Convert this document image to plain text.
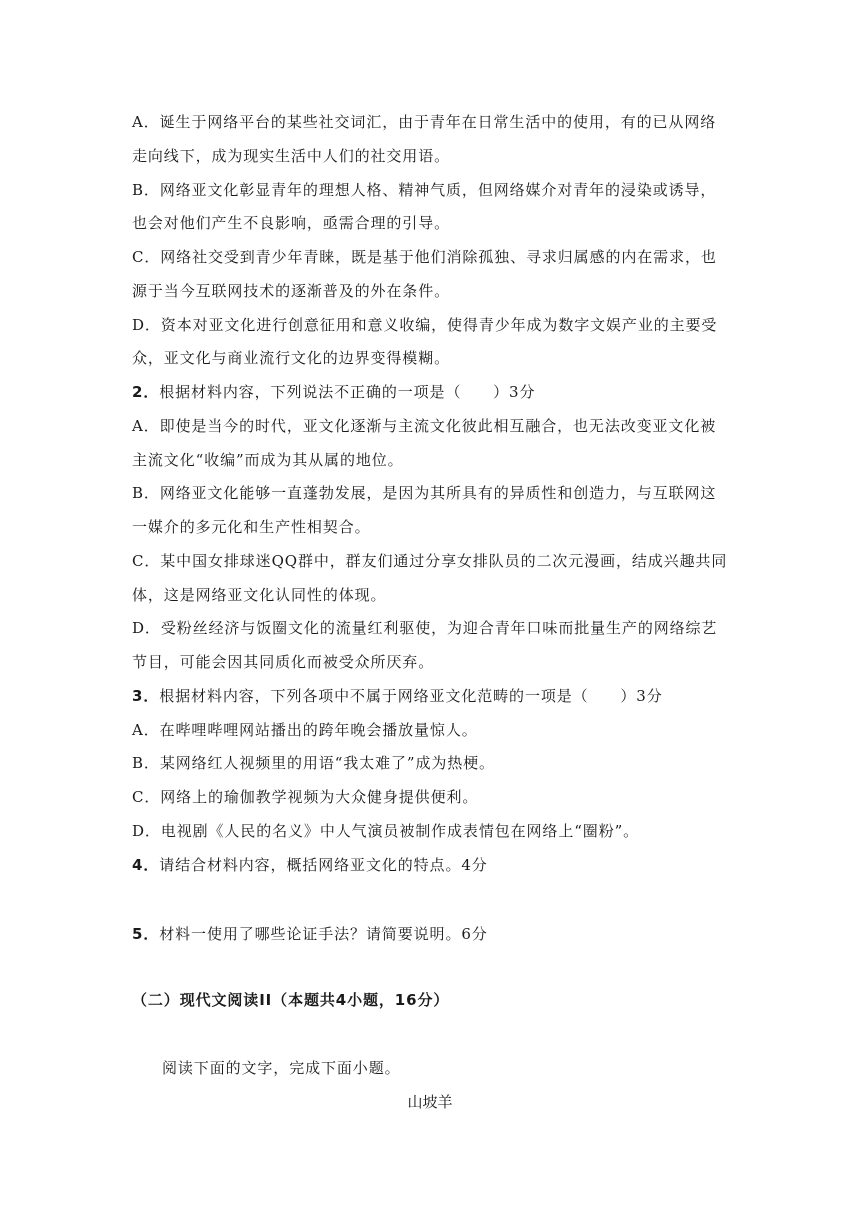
A．诞生于网络平台的某些社交词汇，由于青年在日常生活中的使用，有的已从网络
走向线下，成为现实生活中人们的社交用语。
B．网络亚文化彰显青年的理想人格、精神气质，但网络媒介对青年的浸染或诱导，
也会对他们产生不良影响，亟需合理的引导。
C．网络社交受到青少年青睐，既是基于他们消除孤独、寻求归属感的内在需求，也
源于当今互联网技术的逐渐普及的外在条件。
D．资本对亚文化进行创意征用和意义收编，使得青少年成为数字文娱产业的主要受
众，亚文化与商业流行文化的边界变得模糊。
2．根据材料内容，下列说法不正确的一项是（　　）3分
A．即使是当今的时代，亚文化逐渐与主流文化彼此相互融合，也无法改变亚文化被
主流文化“收编”而成为其从属的地位。
B．网络亚文化能够一直蓬勃发展，是因为其所具有的异质性和创造力，与互联网这
一媒介的多元化和生产性相契合。
C．某中国女排球迷QQ群中，群友们通过分享女排队员的二次元漫画，结成兴趣共同
体，这是网络亚文化认同性的体现。
D．受粉丝经济与饭圈文化的流量红利驱使，为迎合青年口味而批量生产的网络综艺
节目，可能会因其同质化而被受众所厌弃。
3．根据材料内容，下列各项中不属于网络亚文化范畴的一项是（　　）3分
A．在哔哩哔哩网站播出的跨年晚会播放量惊人。
B．某网络红人视频里的用语“我太难了”成为热梗。
C．网络上的瑜伽教学视频为大众健身提供便利。
D．电视剧《人民的名义》中人气演员被制作成表情包在网络上“圈粉”。
4．请结合材料内容，概括网络亚文化的特点。4分
5．材料一使用了哪些论证手法？请简要说明。6分
（二）现代文阅读II（本题共4小题，16分）
阅读下面的文字，完成下面小题。
山坡羊
